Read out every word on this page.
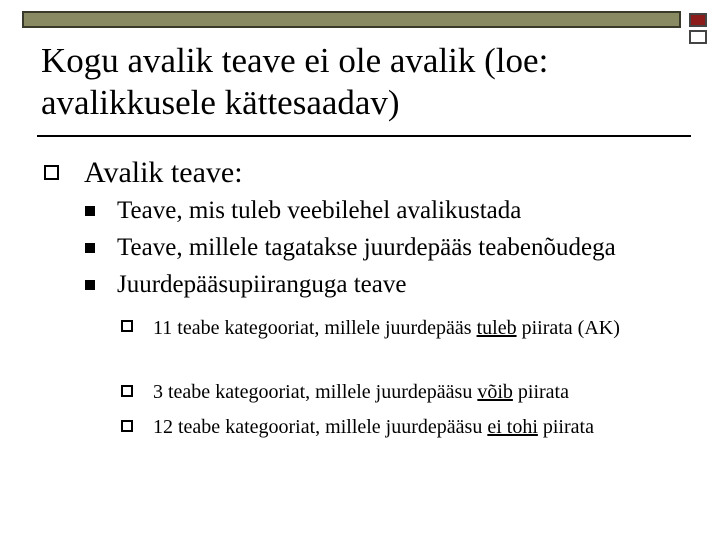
Kogu avalik teave ei ole avalik (loe: avalikkusele kättesaadav)
Avalik teave:
Teave, mis tuleb veebilehel avalikustada
Teave, millele tagatakse juurdepääs teabenõudega
Juurdepääsupiiranguga teave
11 teabe kategooriat, millele juurdepääs tuleb piirata (AK)
3 teabe kategooriat, millele juurdepääsu võib piirata
12 teabe kategooriat, millele juurdepääsu ei tohi piirata
